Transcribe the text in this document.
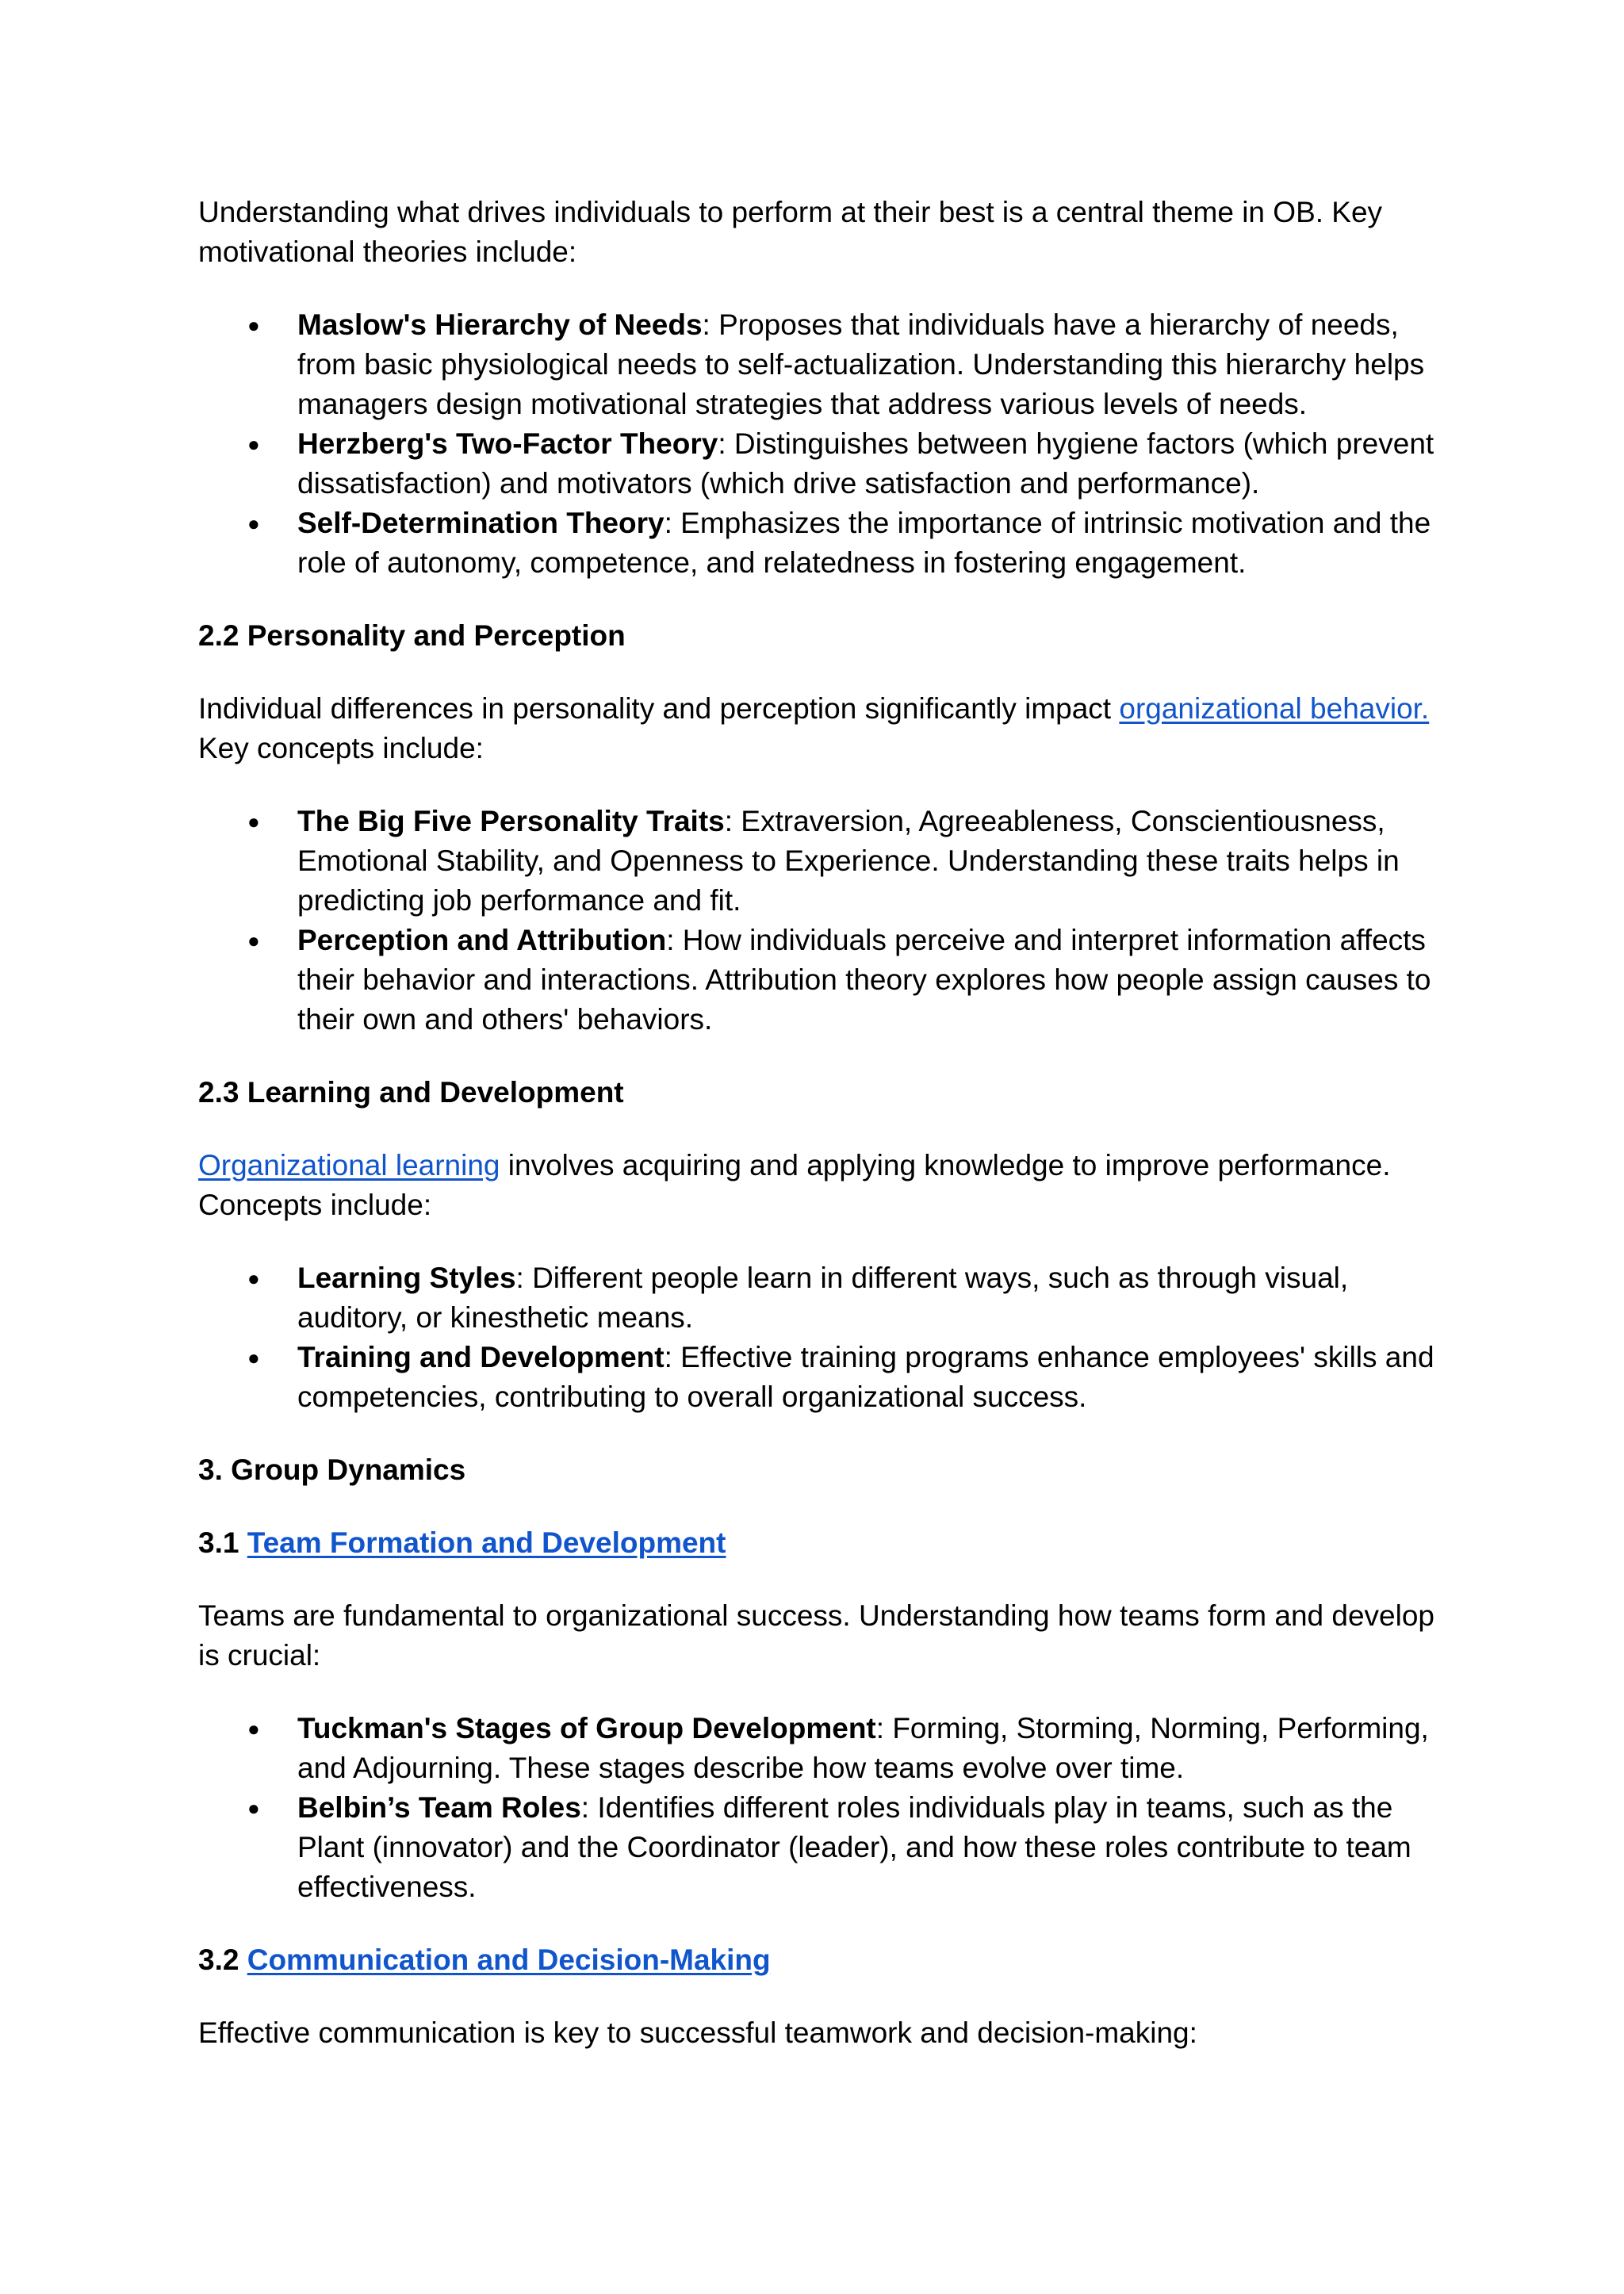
Understanding what drives individuals to perform at their best is a central theme in OB. Key motivational theories include:

● Maslow's Hierarchy of Needs: Proposes that individuals have a hierarchy of needs, from basic physiological needs to self-actualization. Understanding this hierarchy helps managers design motivational strategies that address various levels of needs.
● Herzberg's Two-Factor Theory: Distinguishes between hygiene factors (which prevent dissatisfaction) and motivators (which drive satisfaction and performance).
● Self-Determination Theory: Emphasizes the importance of intrinsic motivation and the role of autonomy, competence, and relatedness in fostering engagement.
2.2 Personality and Perception

Individual differences in personality and perception significantly impact organizational behavior. Key concepts include:

● The Big Five Personality Traits: Extraversion, Agreeableness, Conscientiousness, Emotional Stability, and Openness to Experience. Understanding these traits helps in predicting job performance and fit.
● Perception and Attribution: How individuals perceive and interpret information affects their behavior and interactions. Attribution theory explores how people assign causes to their own and others' behaviors.
2.3 Learning and Development

Organizational learning involves acquiring and applying knowledge to improve performance. Concepts include:

● Learning Styles: Different people learn in different ways, such as through visual, auditory, or kinesthetic means.
● Training and Development: Effective training programs enhance employees' skills and competencies, contributing to overall organizational success.
3. Group Dynamics
3.1 Team Formation and Development

Teams are fundamental to organizational success. Understanding how teams form and develop is crucial:

● Tuckman's Stages of Group Development: Forming, Storming, Norming, Performing, and Adjourning. These stages describe how teams evolve over time.
● Belbin’s Team Roles: Identifies different roles individuals play in teams, such as the Plant (innovator) and the Coordinator (leader), and how these roles contribute to team effectiveness.
3.2 Communication and Decision-Making

Effective communication is key to successful teamwork and decision-making:
